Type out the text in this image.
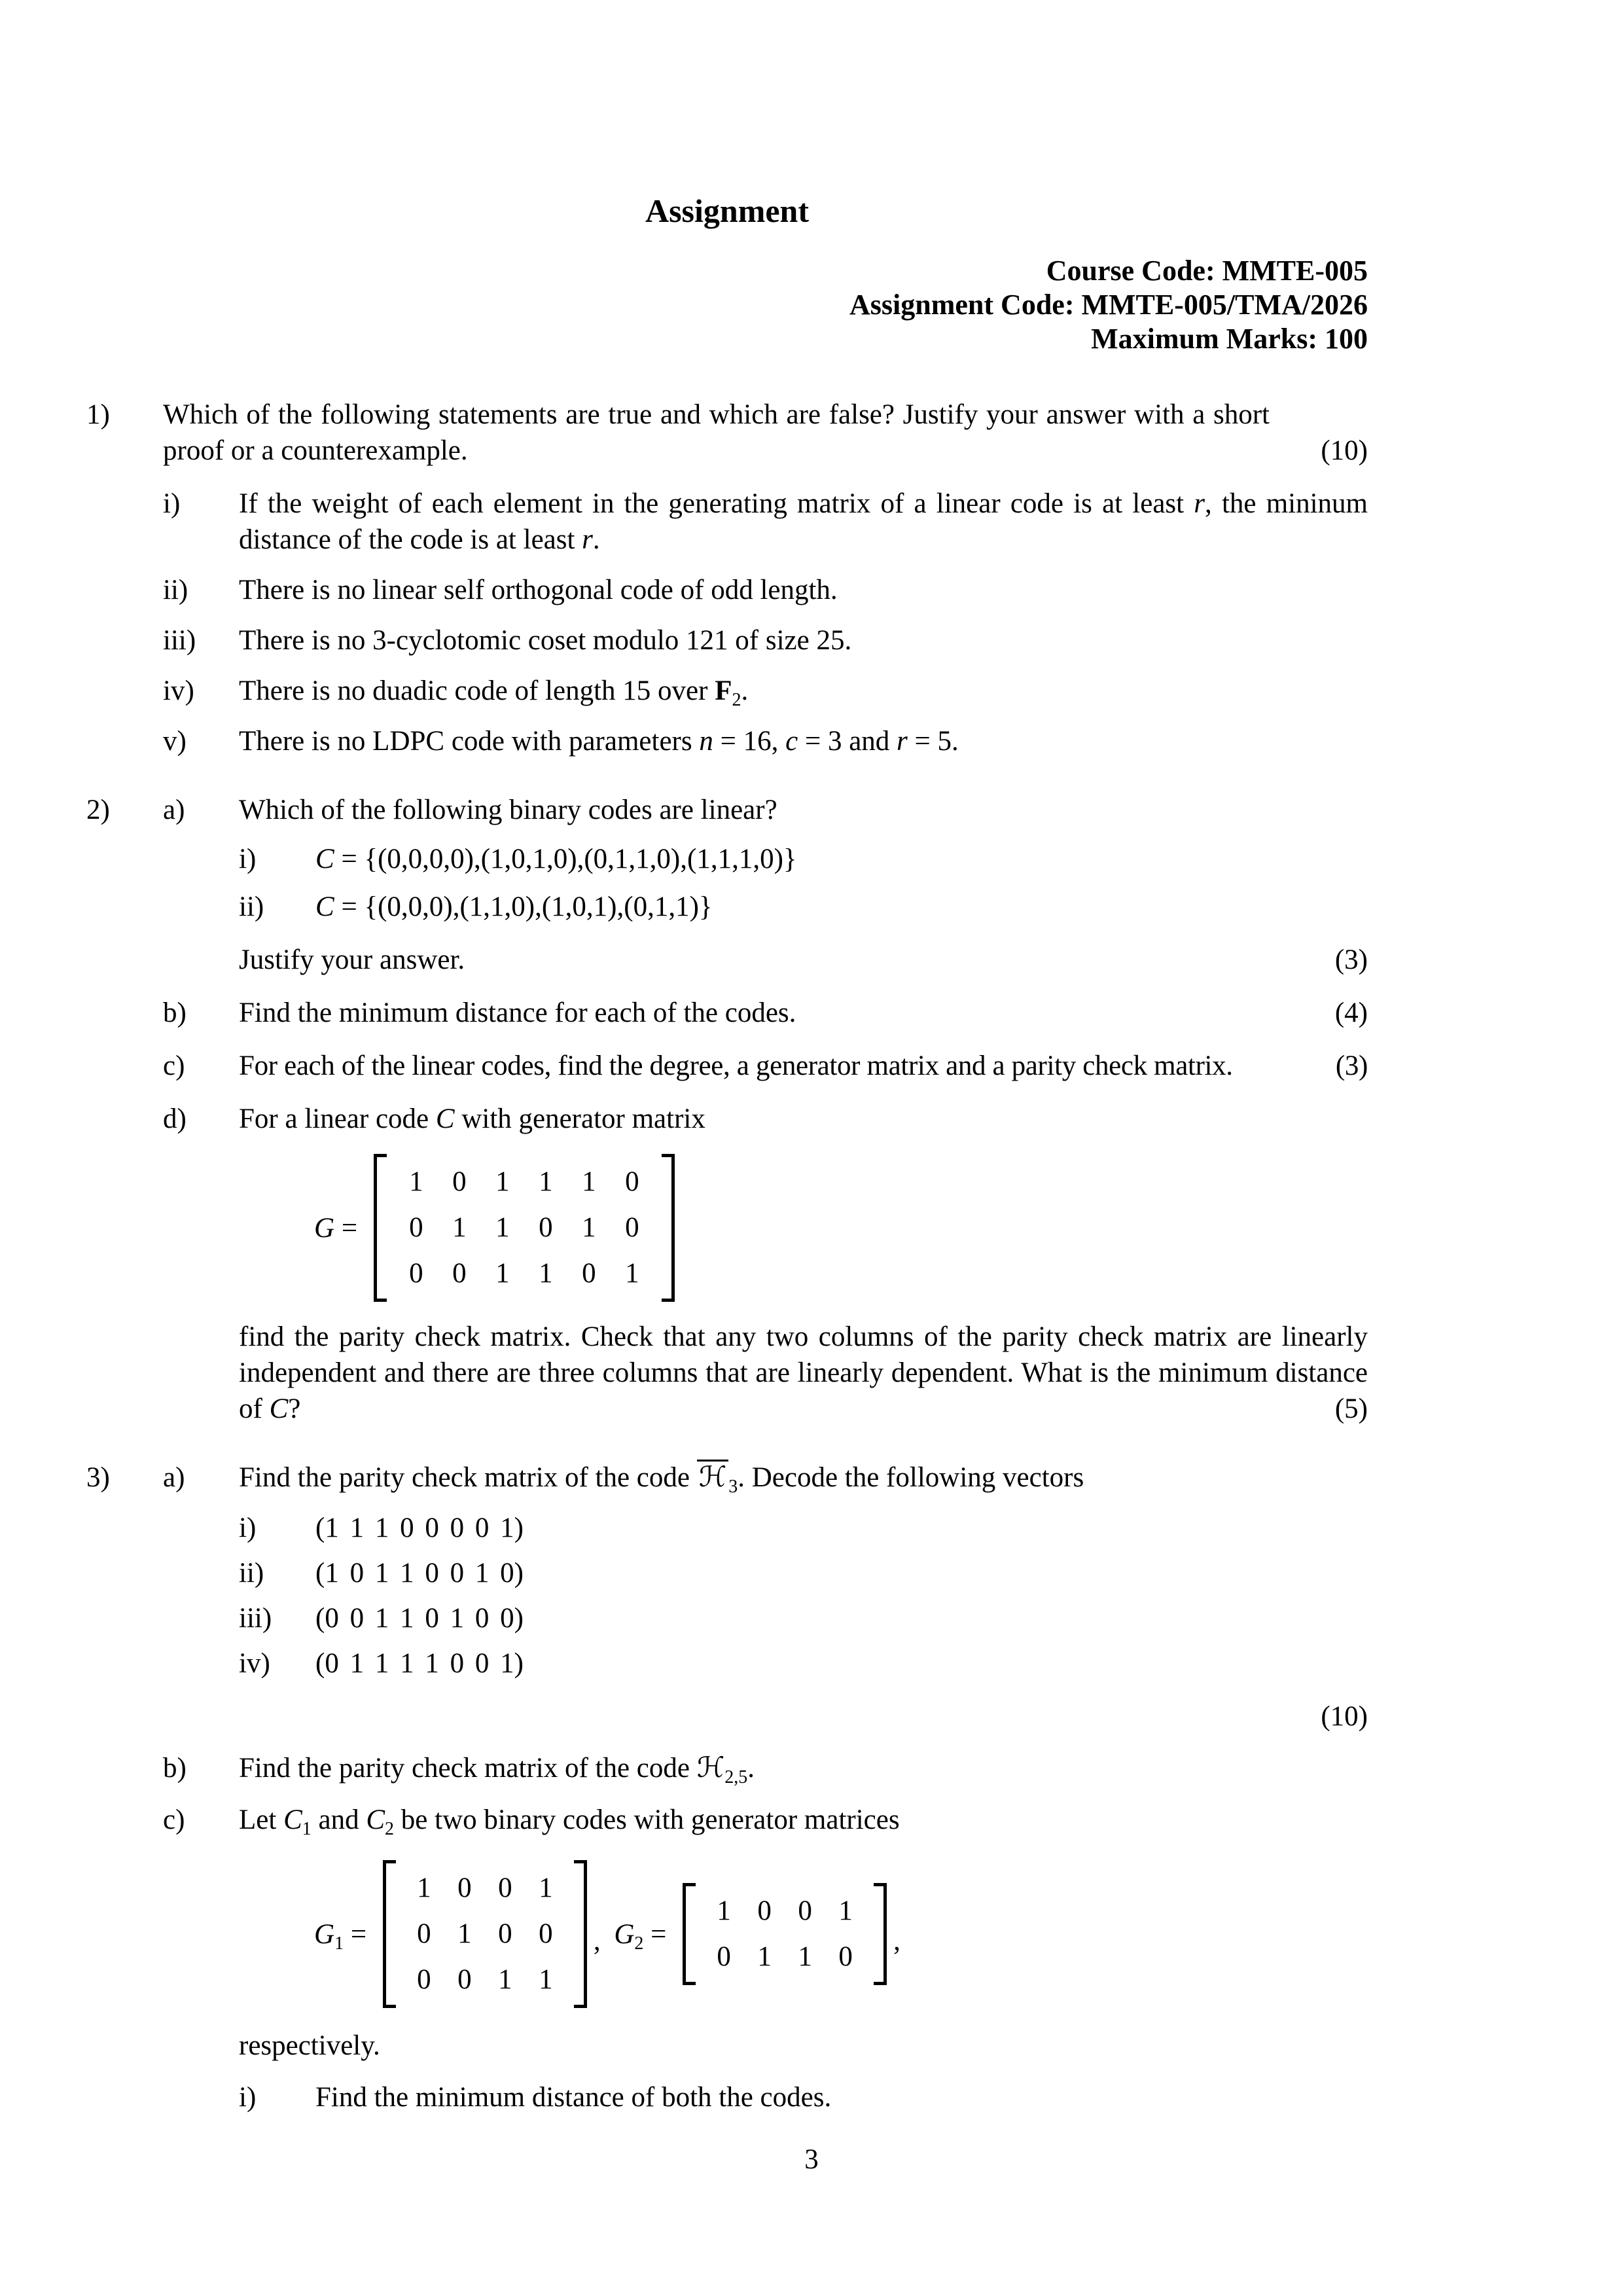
Assignment
Course Code: MMTE-005
Assignment Code: MMTE-005/TMA/2026
Maximum Marks: 100
1)	Which of the following statements are true and which are false? Justify your answer with a short proof or a counterexample.	(10)
i)	If the weight of each element in the generating matrix of a linear code is at least r, the mininum distance of the code is at least r.
ii)	There is no linear self orthogonal code of odd length.
iii)	There is no 3-cyclotomic coset modulo 121 of size 25.
iv)	There is no duadic code of length 15 over $F_2$.
v)	There is no LDPC code with parameters n = 16, c = 3 and r = 5.
2)	a)	Which of the following binary codes are linear?
i)	C = {(0,0,0,0),(1,0,1,0),(0,1,1,0),(1,1,1,0)}
ii)	C = {(0,0,0),(1,1,0),(1,0,1),(0,1,1)}
Justify your answer.	(3)
b)	Find the minimum distance for each of the codes.	(4)
c)	For each of the linear codes, find the degree, a generator matrix and a parity check matrix.	(3)
d)	For a linear code C with generator matrix
G =
1	0	1	1	1	0
0	1	1	0	1	0
0	0	1	1	0	1
find the parity check matrix. Check that any two columns of the parity check matrix are linearly independent and there are three columns that are linearly dependent. What is the minimum distance of C?	(5)
3)	a)	Find the parity check matrix of the code ℋ $_3$. Decode the following vectors
i)	(1 1 1 0 0 0 0 1)
ii)	(1 0 1 1 0 0 1 0)
iii)	(0 0 1 1 0 1 0 0)
iv)	(0 1 1 1 1 0 0 1)
(10)
b)	Find the parity check matrix of the code ℋ$_{2,5}$.
c)	Let $C_1$ and $C_2$ be two binary codes with generator matrices
$G_1$ =
1 0 0 1
0 1 0 0
0 0 1 1
, $G_2$ =
1 0 0 1
0 1 1 0
,
respectively.
i)	Find the minimum distance of both the codes.
3
